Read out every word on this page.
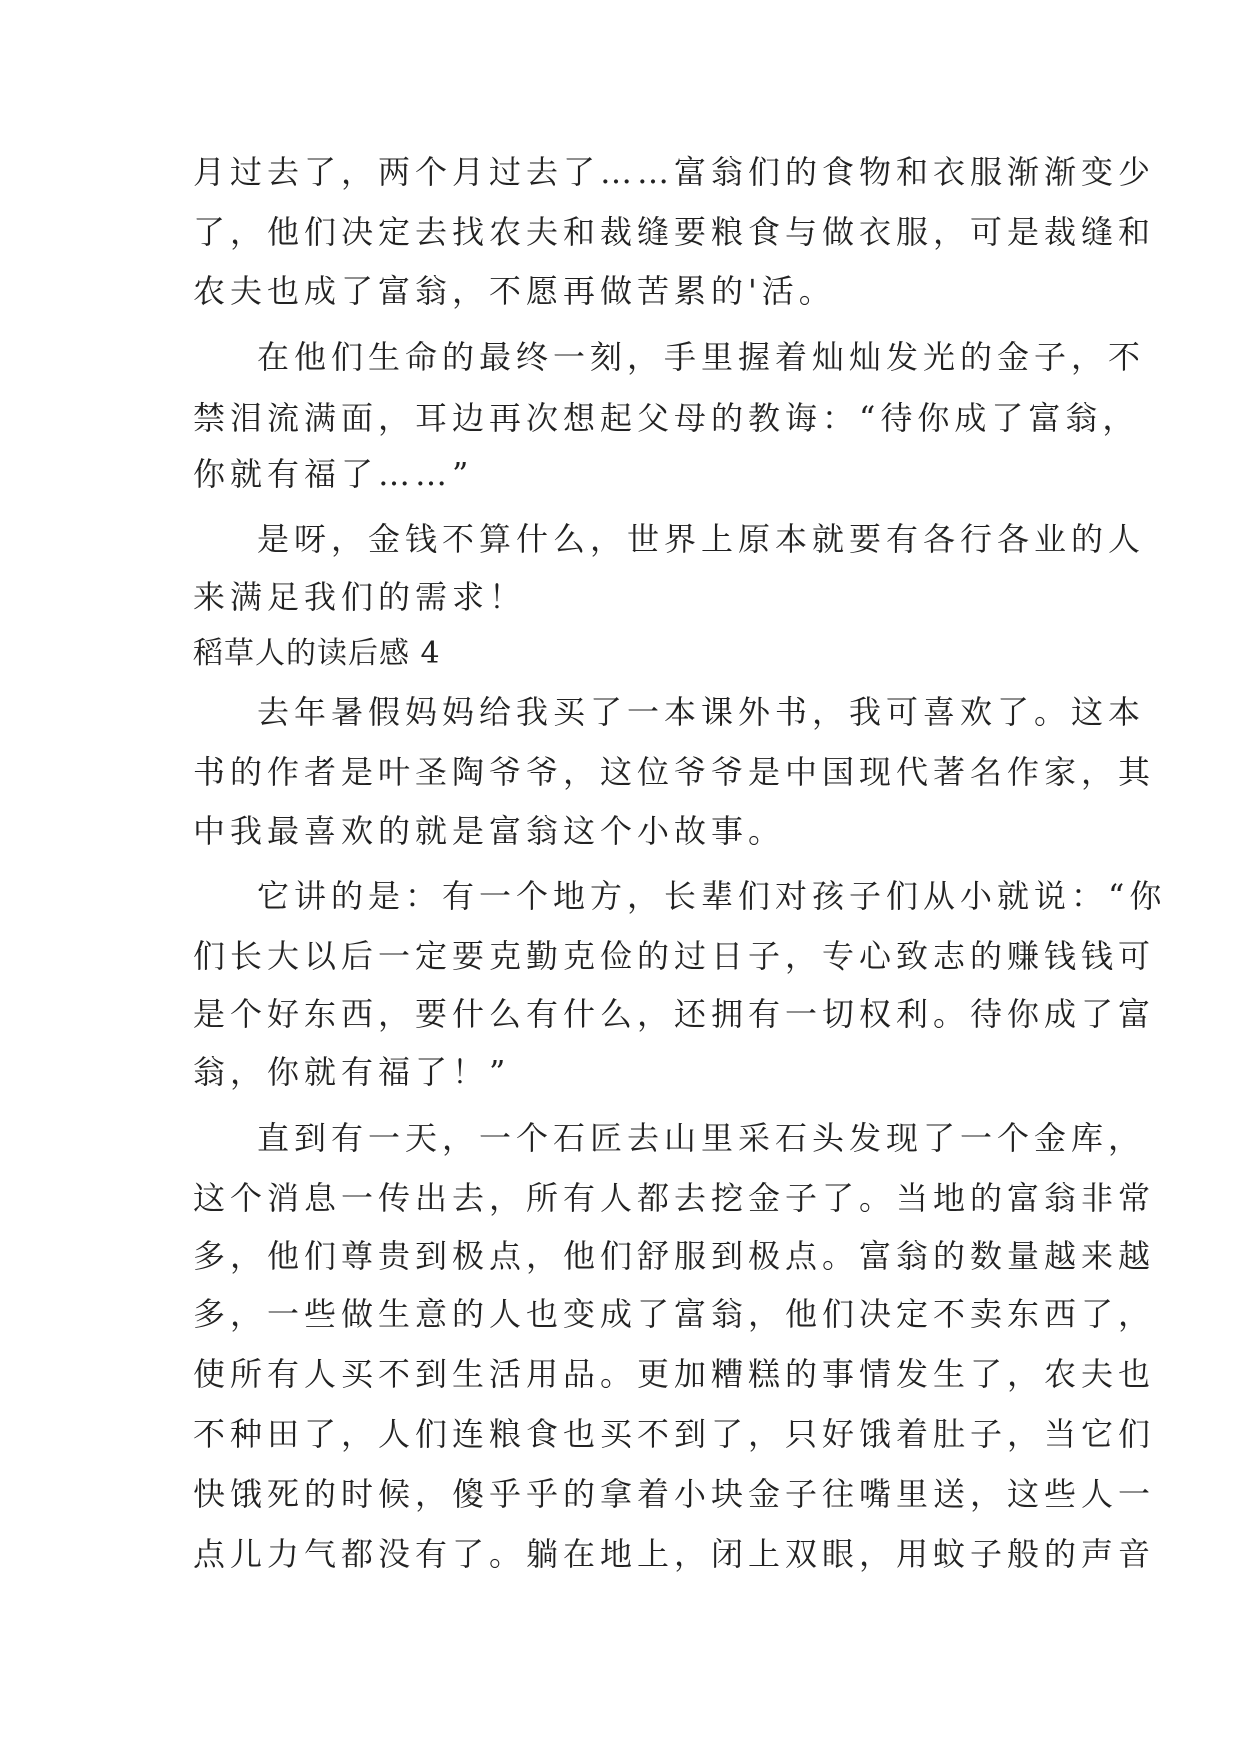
月过去了，两个月过去了……富翁们的食物和衣服渐渐变少

了，他们决定去找农夫和裁缝要粮食与做衣服，可是裁缝和

农夫也成了富翁，不愿再做苦累的'活。

在他们生命的最终一刻，手里握着灿灿发光的金子，不

禁泪流满面，耳边再次想起父母的教诲：“待你成了富翁，

你就有福了……”

是呀，金钱不算什么，世界上原本就要有各行各业的人

来满足我们的需求！

稻草人的读后感 4

去年暑假妈妈给我买了一本课外书，我可喜欢了。这本

书的作者是叶圣陶爷爷，这位爷爷是中国现代著名作家，其

中我最喜欢的就是富翁这个小故事。

它讲的是：有一个地方，长辈们对孩子们从小就说：“你

们长大以后一定要克勤克俭的过日子，专心致志的赚钱钱可

是个好东西，要什么有什么，还拥有一切权利。待你成了富

翁，你就有福了！”

直到有一天，一个石匠去山里采石头发现了一个金库，

这个消息一传出去，所有人都去挖金子了。当地的富翁非常

多，他们尊贵到极点，他们舒服到极点。富翁的数量越来越

多，一些做生意的人也变成了富翁，他们决定不卖东西了，

使所有人买不到生活用品。更加糟糕的事情发生了，农夫也

不种田了，人们连粮食也买不到了，只好饿着肚子，当它们

快饿死的时候，傻乎乎的拿着小块金子往嘴里送，这些人一

点儿力气都没有了。躺在地上，闭上双眼，用蚊子般的声音
